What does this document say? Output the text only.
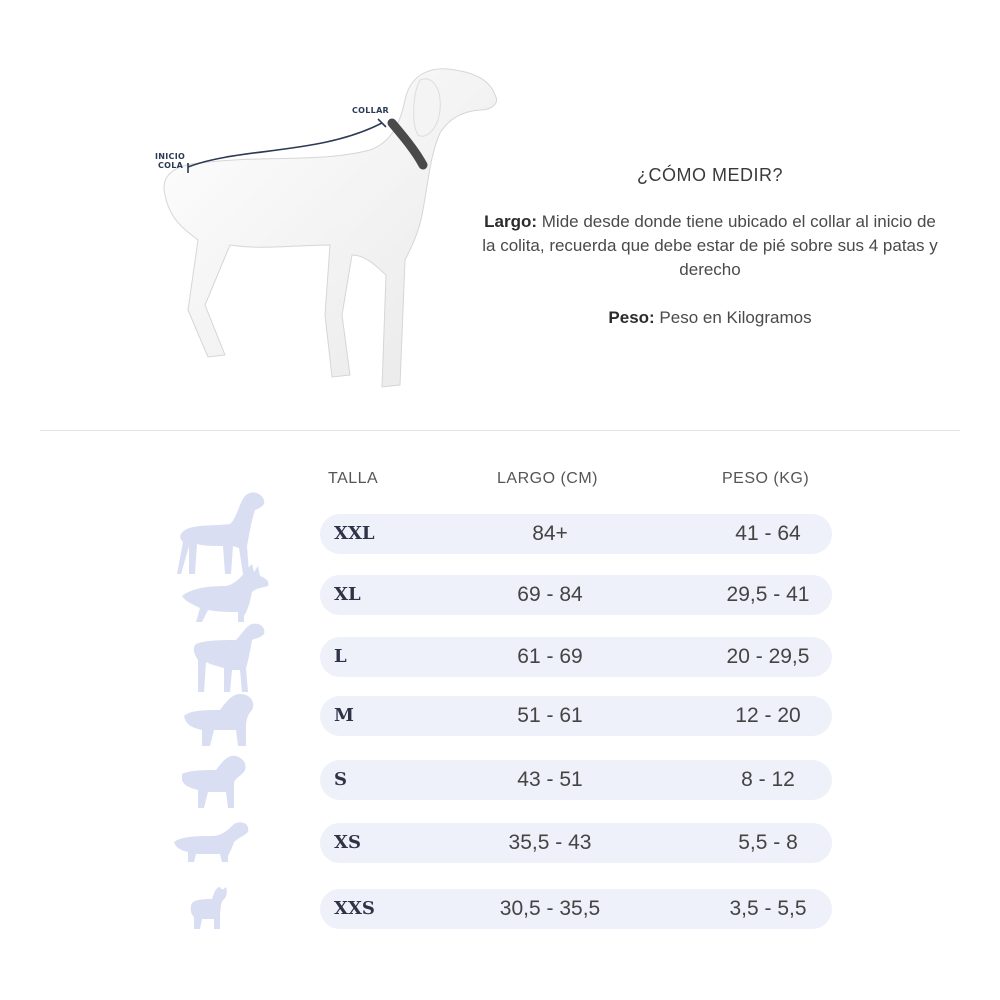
COLLAR
INICIO
COLA	¿CÓMO MEDIR?

Largo: Mide desde donde tiene ubicado el collar al inicio de la colita, recuerda que debe estar de pié sobre sus 4 patas y derecho

Peso: Peso en Kilogramos

TALLA	LARGO (CM)	PESO (KG)
XXL	84+	41 - 64
XL	69 - 84	29,5 - 41
L	61 - 69	20 - 29,5
M	51 - 61	12 - 20
S	43 - 51	8 - 12
XS	35,5 - 43	5,5 - 8
XXS	30,5 - 35,5	3,5 - 5,5
